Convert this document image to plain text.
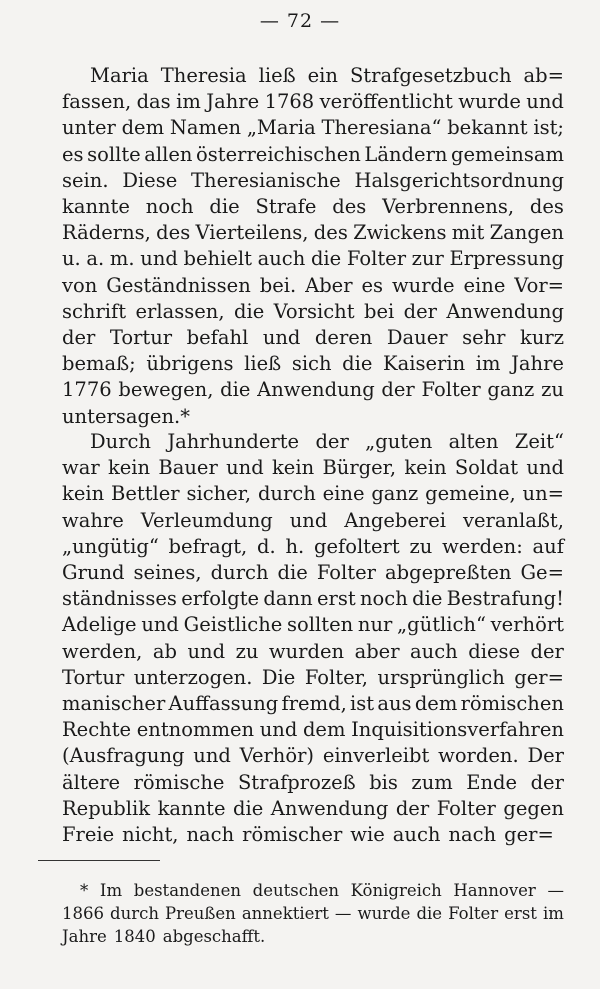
— 72 —
Maria Theresia ließ ein Strafgesetzbuch ab=
fassen, das im Jahre 1768 veröffentlicht wurde und
unter dem Namen „Maria Theresiana“ bekannt ist;
es sollte allen österreichischen Ländern gemeinsam
sein. Diese Theresianische Halsgerichtsordnung
kannte noch die Strafe des Verbrennens, des
Räderns, des Vierteilens, des Zwickens mit Zangen
u. a. m. und behielt auch die Folter zur Erpressung
von Geständnissen bei. Aber es wurde eine Vor=
schrift erlassen, die Vorsicht bei der Anwendung
der Tortur befahl und deren Dauer sehr kurz
bemaß; übrigens ließ sich die Kaiserin im Jahre
1776 bewegen, die Anwendung der Folter ganz zu
untersagen.*
Durch Jahrhunderte der „guten alten Zeit“
war kein Bauer und kein Bürger, kein Soldat und
kein Bettler sicher, durch eine ganz gemeine, un=
wahre Verleumdung und Angeberei veranlaßt,
„ungütig“ befragt, d. h. gefoltert zu werden: auf
Grund seines, durch die Folter abgepreßten Ge=
ständnisses erfolgte dann erst noch die Bestrafung!
Adelige und Geistliche sollten nur „gütlich“ verhört
werden, ab und zu wurden aber auch diese der
Tortur unterzogen. Die Folter, ursprünglich ger=
manischer Auffassung fremd, ist aus dem römischen
Rechte entnommen und dem Inquisitionsverfahren
(Ausfragung und Verhör) einverleibt worden. Der
ältere römische Strafprozeß bis zum Ende der
Republik kannte die Anwendung der Folter gegen
Freie nicht, nach römischer wie auch nach ger=
* Im bestandenen deutschen Königreich Hannover —
1866 durch Preußen annektiert — wurde die Folter erst im
Jahre 1840 abgeschafft.
